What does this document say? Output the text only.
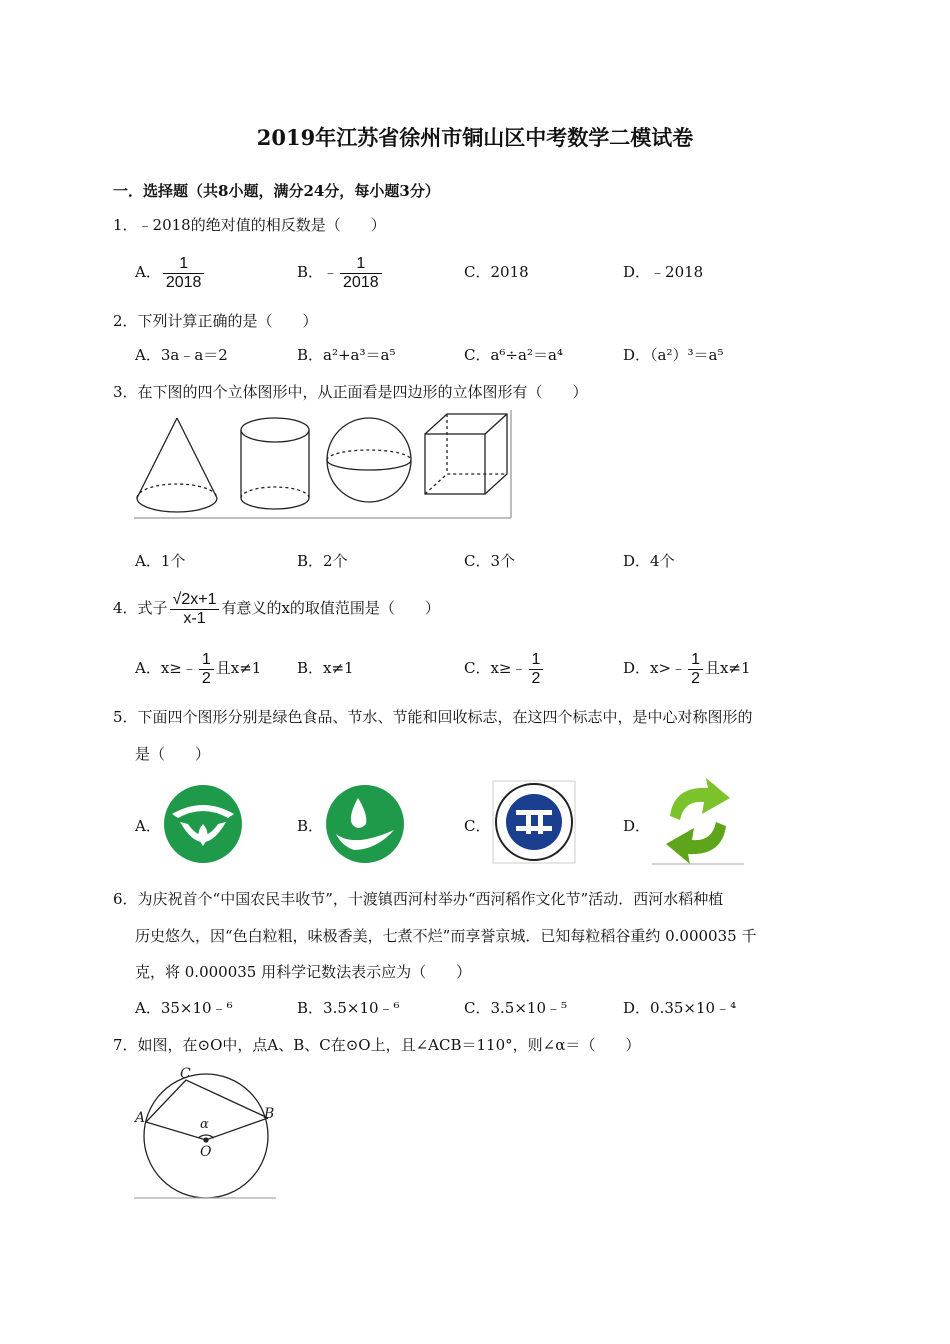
2019年江苏省徐州市铜山区中考数学二模试卷
一．选择题（共8小题，满分24分，每小题3分）
1．﹣2018的绝对值的相反数是（　　）
A． $\frac{1}{2018}$	B．﹣ $\frac{1}{2018}$	C．2018	D．﹣2018
2．下列计算正确的是（　　）
A．3a﹣a＝2	B．a²+a³＝a⁵	C．a⁶÷a²＝a⁴	D．（a²）³＝a⁵
3．在下图的四个立体图形中，从正面看是四边形的立体图形有（　　）
A．1个	B．2个	C．3个	D．4个
4．式子 $\frac{√2x+1}{x-1}$ 有意义的x的取值范围是（　　）
A．x≥﹣ $\frac{1}{2}$ 且x≠1 B．x≠1	C．x≥﹣ $\frac{1}{2}$	D．x>﹣ $\frac{1}{2}$ 且x≠1
5．下面四个图形分别是绿色食品、节水、节能和回收标志，在这四个标志中，是中心对称图形的
是（　　）
A．	B．	C．	D．
6．为庆祝首个“中国农民丰收节”，十渡镇西河村举办“西河稻作文化节”活动．西河水稻种植
历史悠久，因“色白粒粗，味极香美，七煮不烂”而享誉京城．已知每粒稻谷重约 0.000035 千
克，将 0.000035 用科学记数法表示应为（　　）
A．35×10﹣⁶	B．3.5×10﹣⁶	C．3.5×10﹣⁵	D．0.35×10﹣⁴
7．如图，在⊙O中，点A、B、C在⊙O上，且∠ACB＝110°，则∠α＝（　　）
C
A	B
O
α
